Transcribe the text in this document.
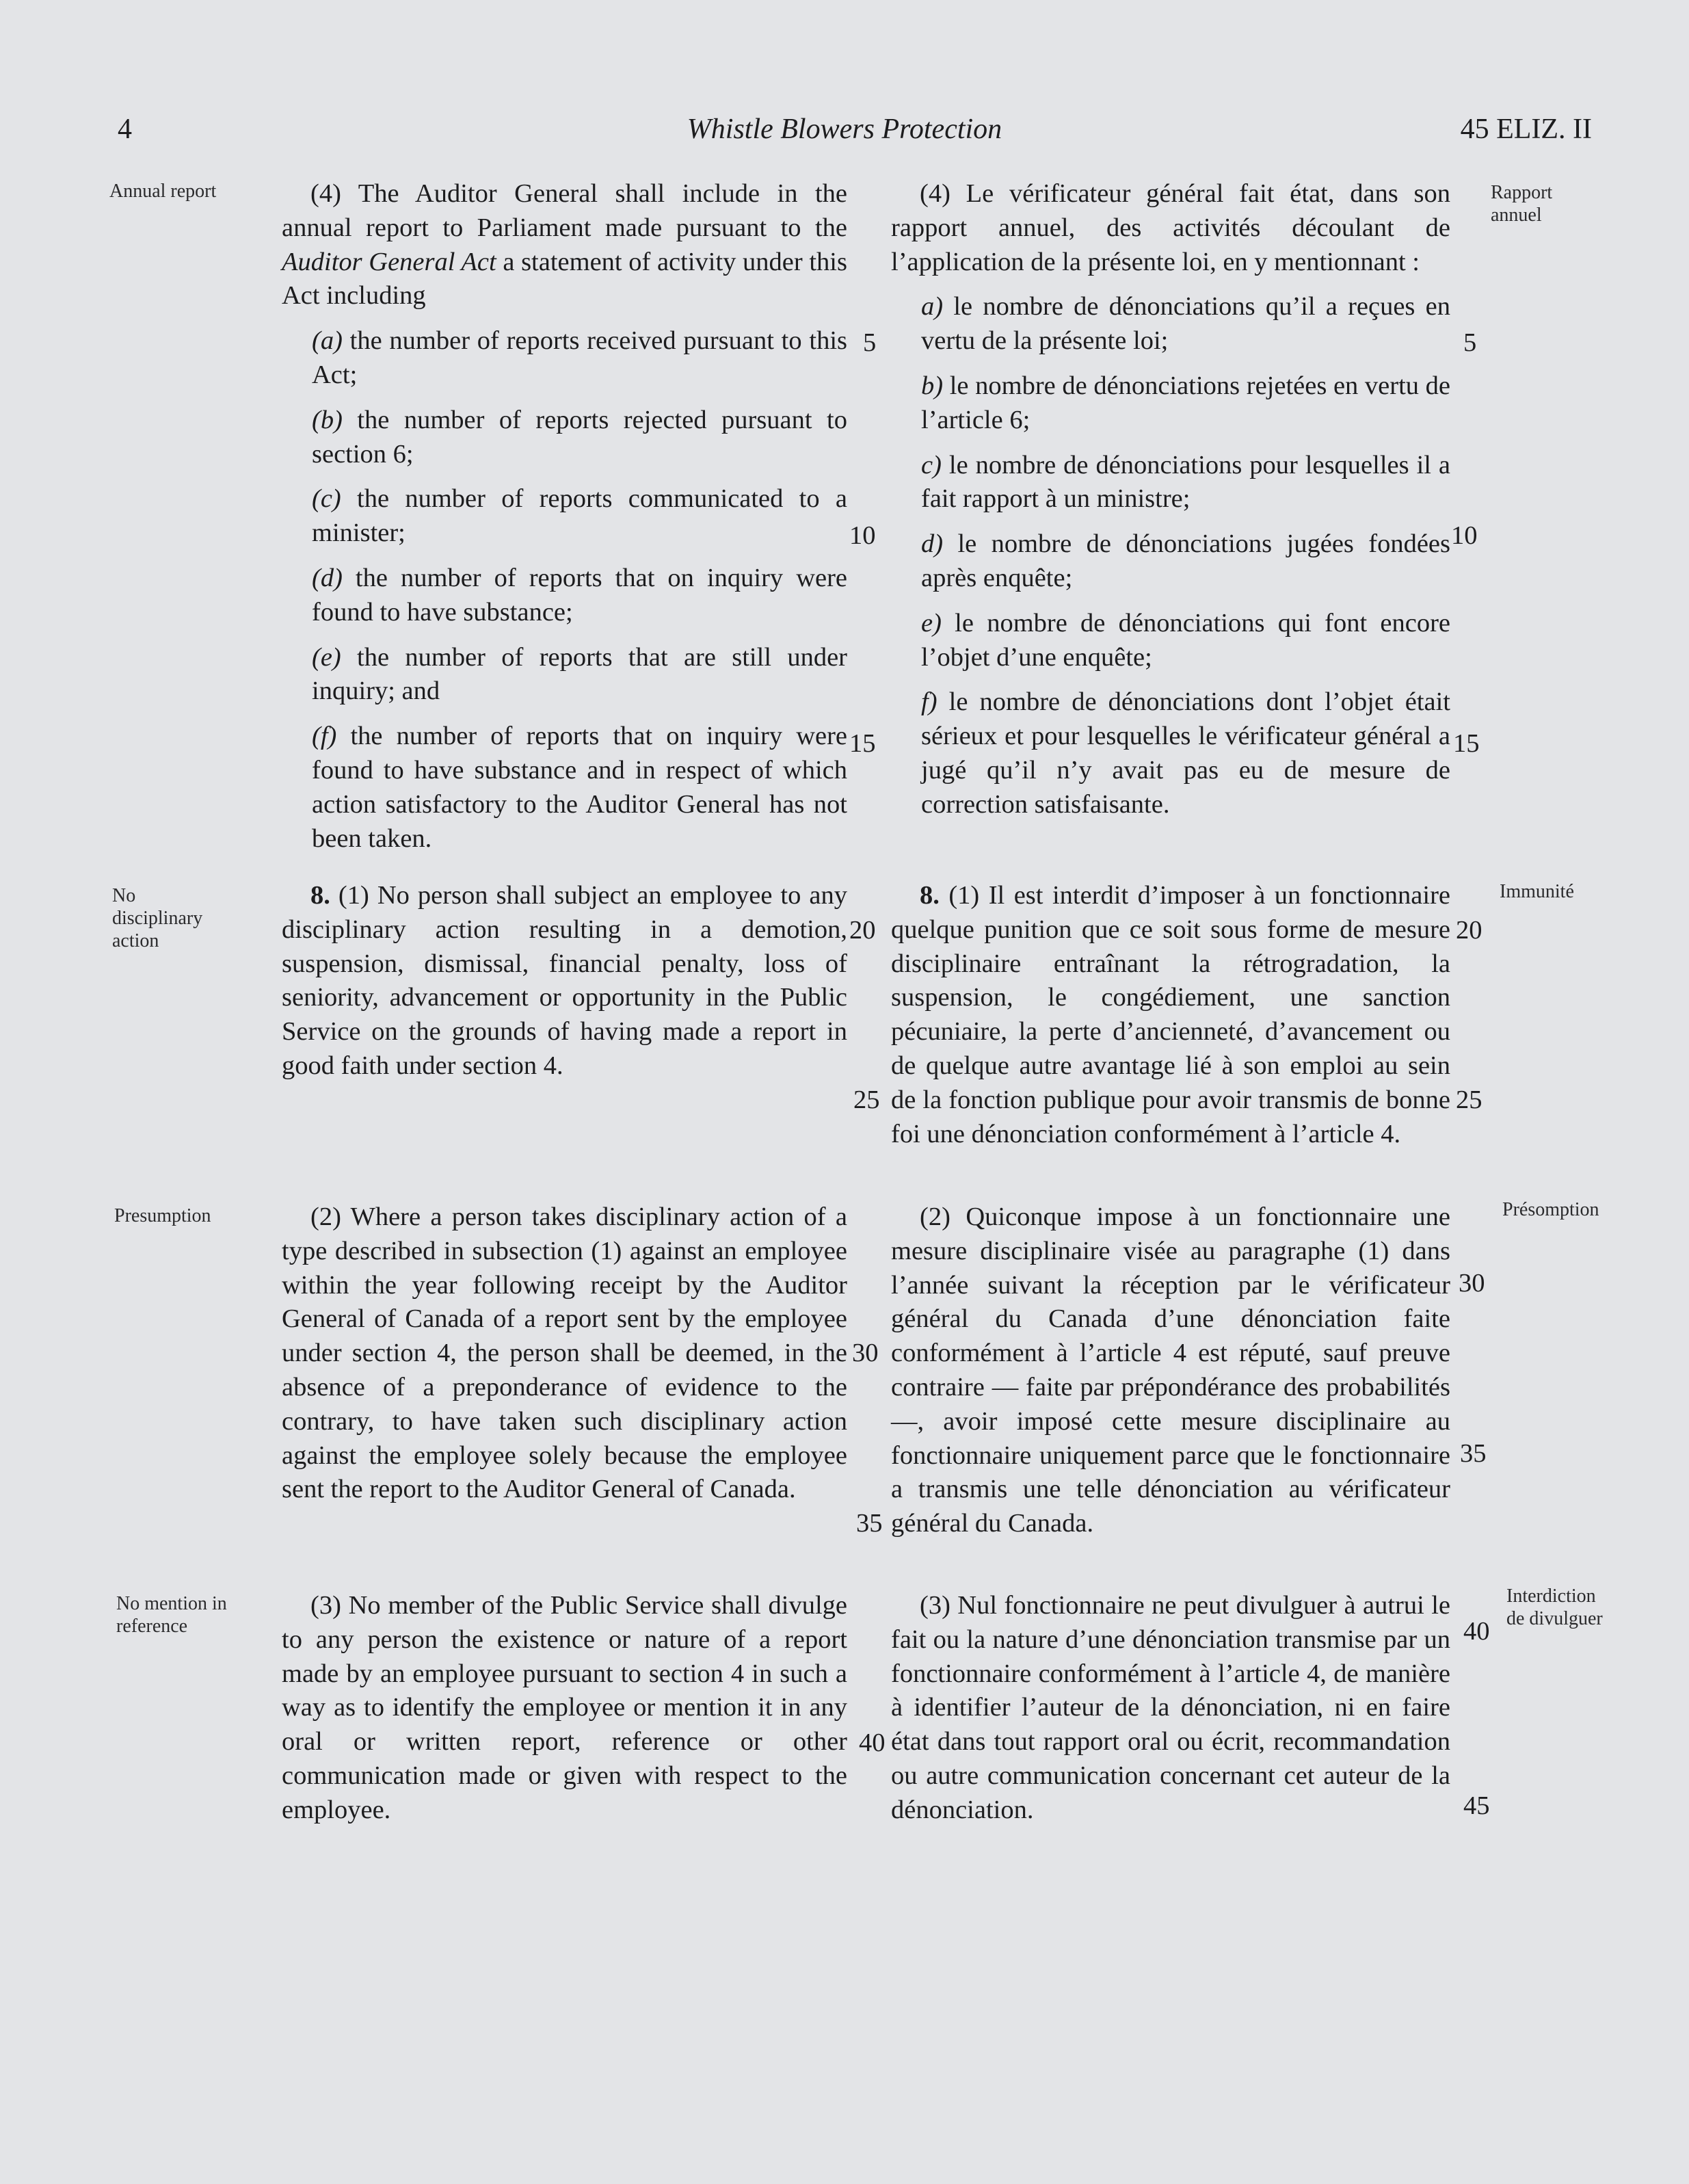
4	Whistle Blowers Protection	45 ELIZ. II
Annual report
No disciplinary action
Presumption
No mention in reference
Rapport annuel
Immunité
Présomption
Interdiction de divulguer

(4) The Auditor General shall include in the annual report to Parliament made pursuant to the Auditor General Act a statement of activity under this Act including

(a) the number of reports received pursuant to this Act;

(b) the number of reports rejected pursuant to section 6;

(c) the number of reports communicated to a minister;

(d) the number of reports that on inquiry were found to have substance;

(e) the number of reports that are still under inquiry; and

(f) the number of reports that on inquiry were found to have substance and in respect of which action satisfactory to the Auditor General has not been taken.

8. (1) No person shall subject an employee to any disciplinary action resulting in a demotion, suspension, dismissal, financial penalty, loss of seniority, advancement or opportunity in the Public Service on the grounds of having made a report in good faith under section 4.

(2) Where a person takes disciplinary action of a type described in subsection (1) against an employee within the year following receipt by the Auditor General of Canada of a report sent by the employee under section 4, the person shall be deemed, in the absence of a preponderance of evidence to the contrary, to have taken such disciplinary action against the employee solely because the employee sent the report to the Auditor General of Canada.

(3) No member of the Public Service shall divulge to any person the existence or nature of a report made by an employee pursuant to section 4 in such a way as to identify the employee or mention it in any oral or written report, reference or other communication made or given with respect to the employee.

(4) Le vérificateur général fait état, dans son rapport annuel, des activités découlant de l’application de la présente loi, en y mentionnant :

a) le nombre de dénonciations qu’il a reçues en vertu de la présente loi;

b) le nombre de dénonciations rejetées en vertu de l’article 6;

c) le nombre de dénonciations pour lesquelles il a fait rapport à un ministre;

d) le nombre de dénonciations jugées fondées après enquête;

e) le nombre de dénonciations qui font encore l’objet d’une enquête;

f) le nombre de dénonciations dont l’objet était sérieux et pour lesquelles le vérificateur général a jugé qu’il n’y avait pas eu de mesure de correction satisfaisante.

8. (1) Il est interdit d’imposer à un fonctionnaire quelque punition que ce soit sous forme de mesure disciplinaire entraînant la rétrogradation, la suspension, le congédiement, une sanction pécuniaire, la perte d’ancienneté, d’avancement ou de quelque autre avantage lié à son emploi au sein de la fonction publique pour avoir transmis de bonne foi une dénonciation conformément à l’article 4.

(2) Quiconque impose à un fonctionnaire une mesure disciplinaire visée au paragraphe (1) dans l’année suivant la réception par le vérificateur général du Canada d’une dénonciation faite conformément à l’article 4 est réputé, sauf preuve contraire — faite par prépondérance des probabilités —, avoir imposé cette mesure disciplinaire au fonctionnaire uniquement parce que le fonctionnaire a transmis une telle dénonciation au vérificateur général du Canada.

(3) Nul fonctionnaire ne peut divulguer à autrui le fait ou la nature d’une dénonciation transmise par un fonctionnaire conformément à l’article 4, de manière à identifier l’auteur de la dénonciation, ni en faire état dans tout rapport oral ou écrit, recommandation ou autre communication concernant cet auteur de la dénonciation.

5
10
15
20
25
30
35
40
5
10
15
20
25
30
35
40
45
